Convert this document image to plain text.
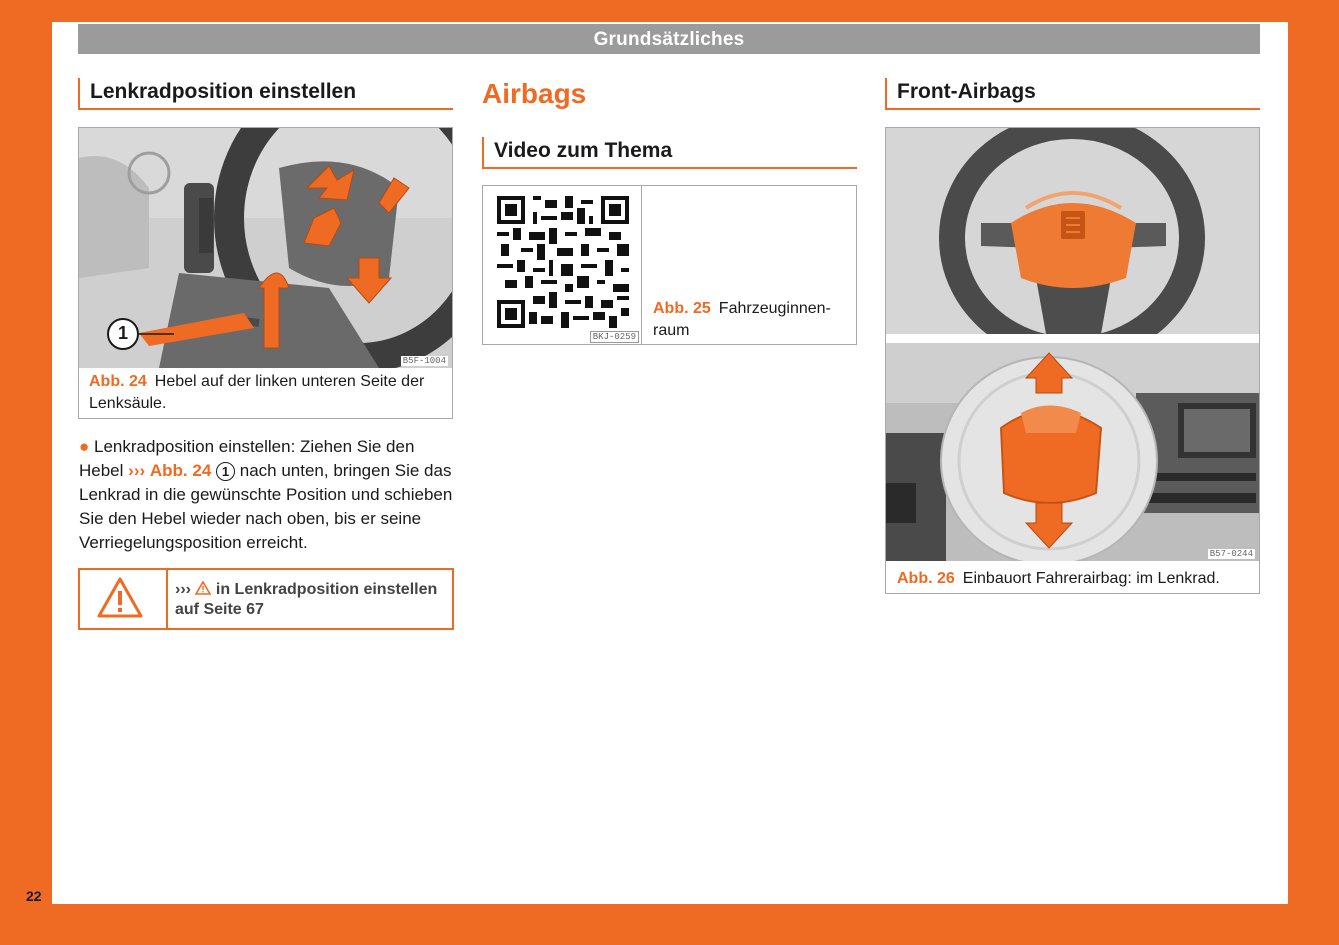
Grundsätzliches
Lenkradposition einstellen
1
B5F-1004
Abb. 24 Hebel auf der linken unteren Seite der Lenksäule.
● Lenkradposition einstellen: Ziehen Sie den Hebel ››› Abb. 24 1 nach unten, bringen Sie das Lenkrad in die gewünschte Position und schieben Sie den Hebel wieder nach oben, bis er seine Verriegelungsposition erreicht.
››› in Lenkradposition einstellen
auf Seite 67
Airbags
Video zum Thema
BKJ-0259
Abb. 25 Fahrzeuginnen-
raum
Front-Airbags
B57-0244
Abb. 26 Einbauort Fahrerairbag: im Lenkrad.
22
